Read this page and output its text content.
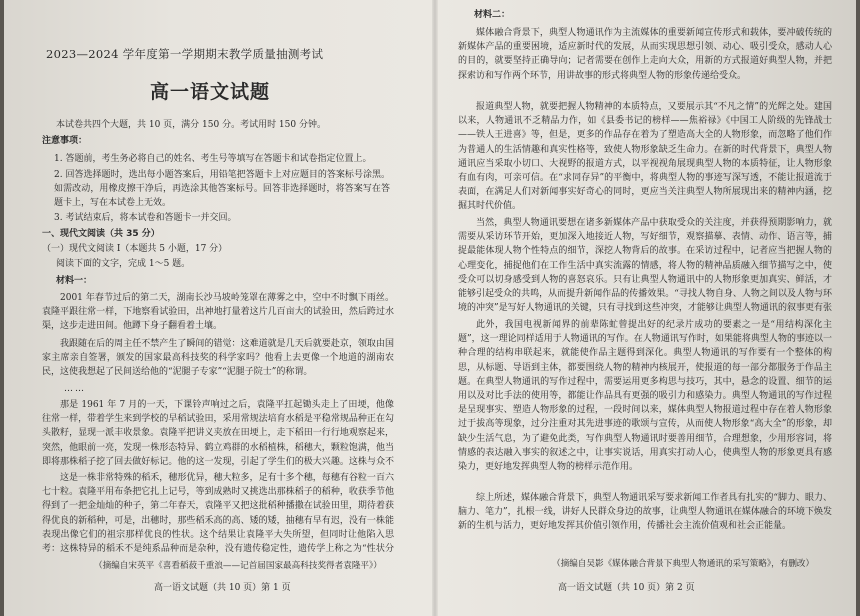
2023—2024 学年度第一学期期末教学质量抽测考试
高一语文试题
本试卷共四个大题，共 10 页，满分 150 分。考试用时 150 分钟。
注意事项：
1. 答题前，考生务必将自己的姓名、考生号等填写在答题卡和试卷指定位置上。
2. 回答选择题时，选出每小题答案后，用铅笔把答题卡上对应题目的答案标号涂黑。如需改动，用橡皮擦干净后，再选涂其他答案标号。回答非选择题时，将答案写在答题卡上，写在本试卷上无效。
3. 考试结束后，将本试卷和答题卡一并交回。
一、现代文阅读（共 35 分）
（一）现代文阅读 Ⅰ（本题共 5 小题，17 分）
阅读下面的文字，完成 1～5 题。
材料一：
2001 年春节过后的第二天，湖南长沙马坡岭笼罩在薄雾之中，空中不时飘下雨丝。袁隆平跟往常一样，下地察看试验田，出神地打量着这片几百亩大的试验田，然后跨过水渠，这步走进田间。他蹲下身子翻看着土壤。
我跟随在后的周主任不禁产生了瞬间的错觉：这难道就是几天后就要赴京，领取由国家主席亲自签署，颁发的国家最高科技奖的科学家吗？他看上去更像一个地道的湖南农民，这使我想起了民间送给他的“泥腿子专家”“泥腿子院士”的称谓。
……
那是 1961 年 7 月的一天，下课铃声响过之后，袁隆平扛起锄头走上了田埂，他像往常一样，带着学生来到学校的早稻试验田，采用常规法培育水稻是平稳常规品种正在勾头散籽，显现一派丰收景象。袁隆平把讲义夹放在田埂上，走下稻田一行行地观察起来，突然，他眼前一亮，发现一株形态特异、鹤立鸡群的水稻植株，稻穗大，颗粒饱满，他当即将那株稻子挖了回去做好标记。他的这一发现，引起了学生们的极大兴趣。这株与众不
这是一株非常特殊的稻禾，穗形优异，穗大粒多，足有十多个穗，每穗有谷粒一百六七十粒。袁隆平用布条把它扎上记号，等到成熟时又挑选出那株稻子的稻种，收获季节他得到了一把金灿灿的种子，第二年春天，袁隆平又把这批稻种播撒在试验田里，期待着获得优良的新稻种，可是，出穗时，那些稻禾高的高、矮的矮，抽穗有早有迟，没有一株能表现出像它们的祖宗那样优良的性状。这个结果让袁隆平大失所望，但同时让他陷入思考：这株特异的稻禾不是纯系品种而是杂种，没有遗传稳定性，遗传学上称之为“性状分
（摘编自宋英平《喜看稻菽千重浪——记首届国家最高科技奖得者袁隆平》）
高一语文试题（共 10 页）第 1 页
材料二：
媒体融合背景下，典型人物通讯作为主流媒体的重要新闻宣传形式和载体，要冲破传统的新媒体产品的重要困境，适应新时代的发展，从而实现思想引领、动心、吸引受众，感动人心的目的，就要坚持正确导向；记者需要在创作上走向大众，用新的方式报道好典型人物，并把探索访和写作两个环节，用讲故事的形式将典型人物的形象传递给受众。
报道典型人物，就要把握人物精神的本质特点，又要展示其“不凡之情”的光辉之处。建国以来，人物通讯不乏精品力作，如《县委书记的榜样——焦裕禄》《中国工人阶级的先锋战士——铁人王进喜》等，但是，更多的作品存在着为了塑造高大全的人物形象，而忽略了他们作为普通人的生活情趣和真实性格等，致使人物形象缺乏生命力。在新的时代背景下，典型人物通讯应当采取小切口、大视野的报道方式，以平视视角展现典型人物的本质特征，让人物形象有血有肉，可亲可信。在“求同存异”的平衡中，将典型人物的事迹写深写透，不能让报道流于表面，在满足人们对新闻事实好奇心的同时，更应当关注典型人物所展现出来的精神内涵，挖掘其时代价值。
当然，典型人物通讯要想在诸多新媒体产品中获取受众的关注度，并获得预期影响力，就需要从采访环节开始，更加深入地接近人物，写好细节，观察描摹、表情、动作、语言等，捕捉最能体现人物个性特点的细节，深挖人物背后的故事。在采访过程中，记者应当把握人物的心理变化，捕捉他们在工作生活中真实流露的情感，将人物的精神品质融入细节描写之中，使受众可以切身感受到人物的喜怒哀乐。只有让典型人物通讯中的人物形象更加真实、鲜活，才能够引起受众的共鸣，从而提升新闻作品的传播效果。“寻找人物自身、人物之间以及人物与环境的冲突”是写好人物通讯的关键，只有寻找到这些冲突，才能够让典型人物通讯的叙事更有张
此外，我国电视新闻界的前辈陈虻曾提出好的纪录片成功的要素之一是“用结构深化主题”，这一理论同样适用于人物通讯的写作。在人物通讯写作时，如果能将典型人物的事迹以一种合理的结构串联起来，就能使作品主题得到深化。典型人物通讯的写作要有一个整体的构思，从标题、导语到主体，都要围绕人物的精神内核展开，使报道的每一部分都服务于作品主题。在典型人物通讯的写作过程中，需要运用更多构思与技巧，其中，悬念的设置、细节的运用以及对比手法的使用等，都能让作品具有更强的吸引力和感染力。典型人物通讯的写作过程是呈现事实、塑造人物形象的过程，一段时间以来，媒体典型人物报道过程中存在着人物形象过于拔高等现象，过分注重对其先进事迹的歌颂与宣传，从而使人物形象“高大全”的形象，却缺少生活气息，为了避免此类，写作典型人物通讯时要善用细节，合理想象，少用形容词，将情感的表达融入事实的叙述之中，让事实说话，用真实打动人心，使典型人物的形象更具有感染力，更好地发挥典型人物的榜样示范作用。
综上所述，媒体融合背景下，典型人物通讯采写要求新闻工作者具有扎实的“脚力、眼力、脑力、笔力”，扎根一线，讲好人民群众身边的故事，让典型人物通讯在媒体融合的环境下焕发新的生机与活力，更好地发挥其价值引领作用，传播社会主流价值观和社会正能量。
（摘编自吴影《媒体融合背景下典型人物通讯的采写策略》，有删改）
高一语文试题（共 10 页）第 2 页
